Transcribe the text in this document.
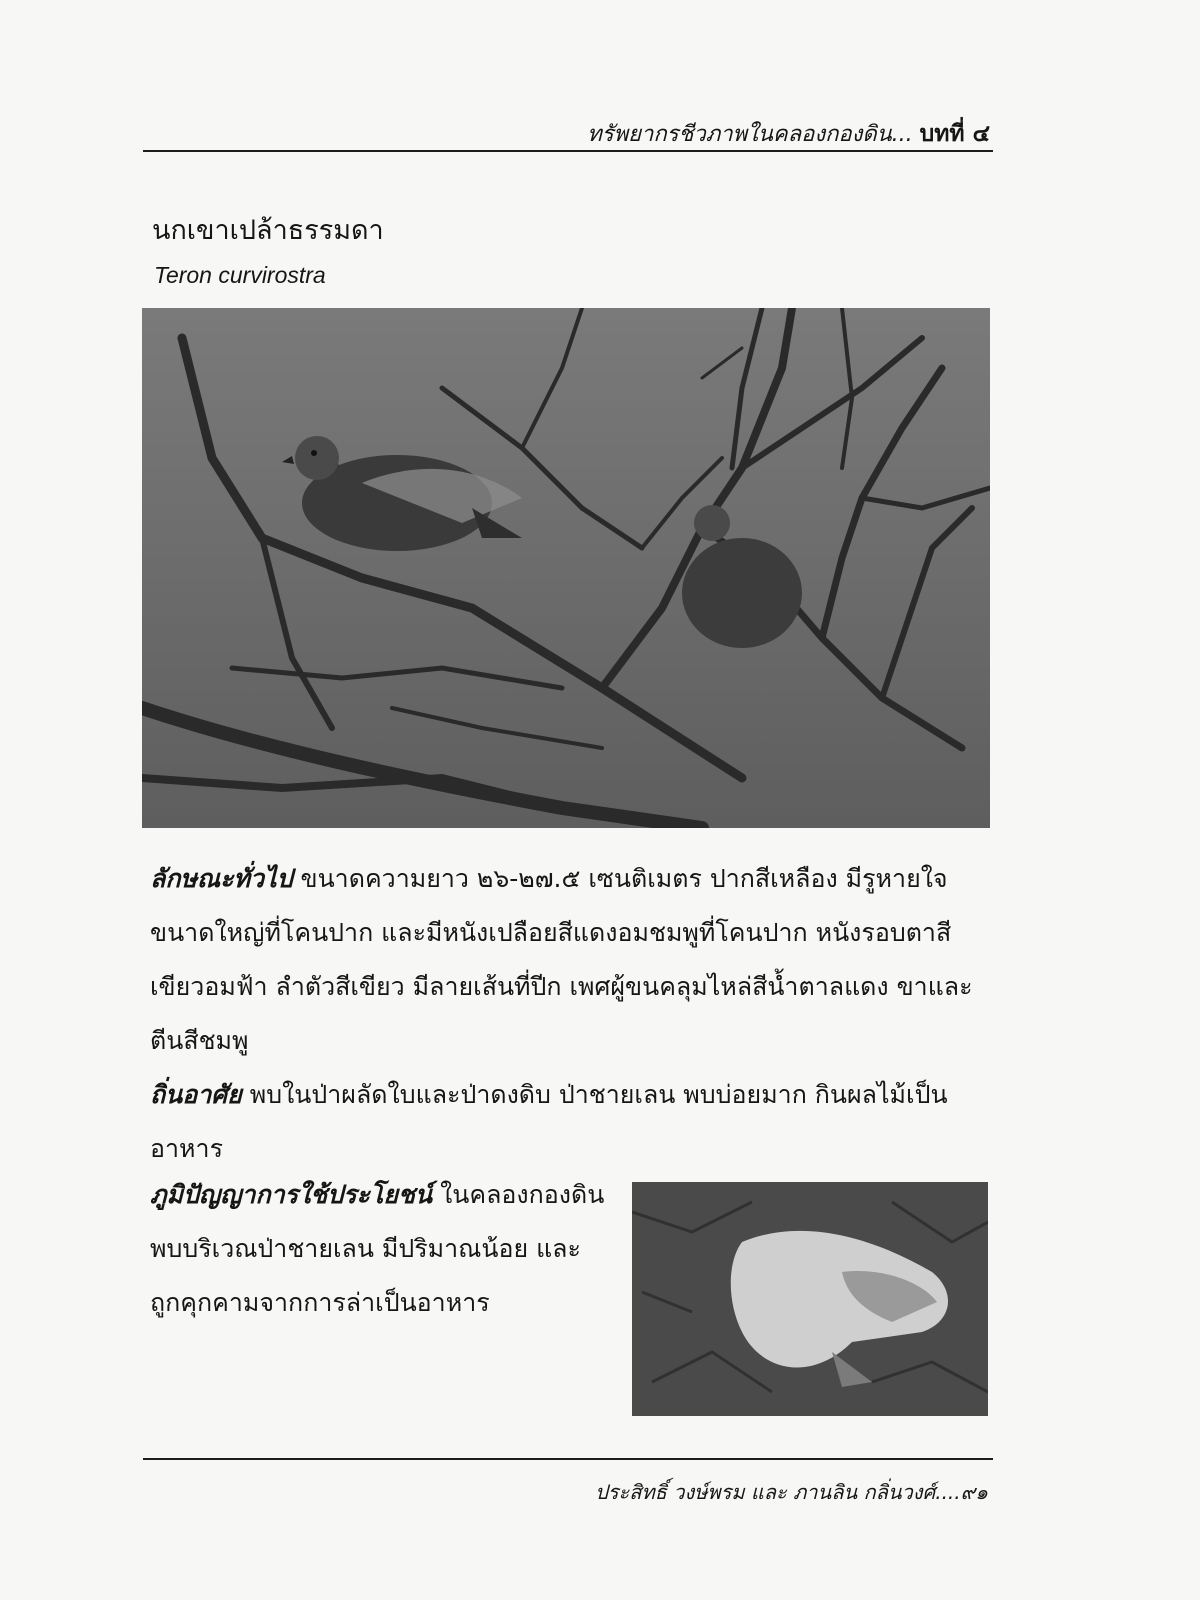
ทรัพยากรชีวภาพในคลองกองดิน... บทที่ ๔
นกเขาเปล้าธรรมดา
Teron curvirostra

ลักษณะทั่วไป ขนาดความยาว ๒๖-๒๗.๕ เซนติเมตร ปากสีเหลือง มีรูหายใจขนาดใหญ่ที่โคนปาก และมีหนังเปลือยสีแดงอมชมพูที่โคนปาก หนังรอบตาสีเขียวอมฟ้า ลำตัวสีเขียว มีลายเส้นที่ปีก เพศผู้ขนคลุมไหล่สีน้ำตาลแดง ขาและตีนสีชมพู

ถิ่นอาศัย พบในป่าผลัดใบและป่าดงดิบ ป่าชายเลน พบบ่อยมาก กินผลไม้เป็นอาหาร

ภูมิปัญญาการใช้ประโยชน์ ในคลองกองดินพบบริเวณป่าชายเลน มีปริมาณน้อย และถูกคุกคามจากการล่าเป็นอาหาร

ประสิทธิ์ วงษ์พรม และ ภานลิน กลิ่นวงศ์....๙๑
